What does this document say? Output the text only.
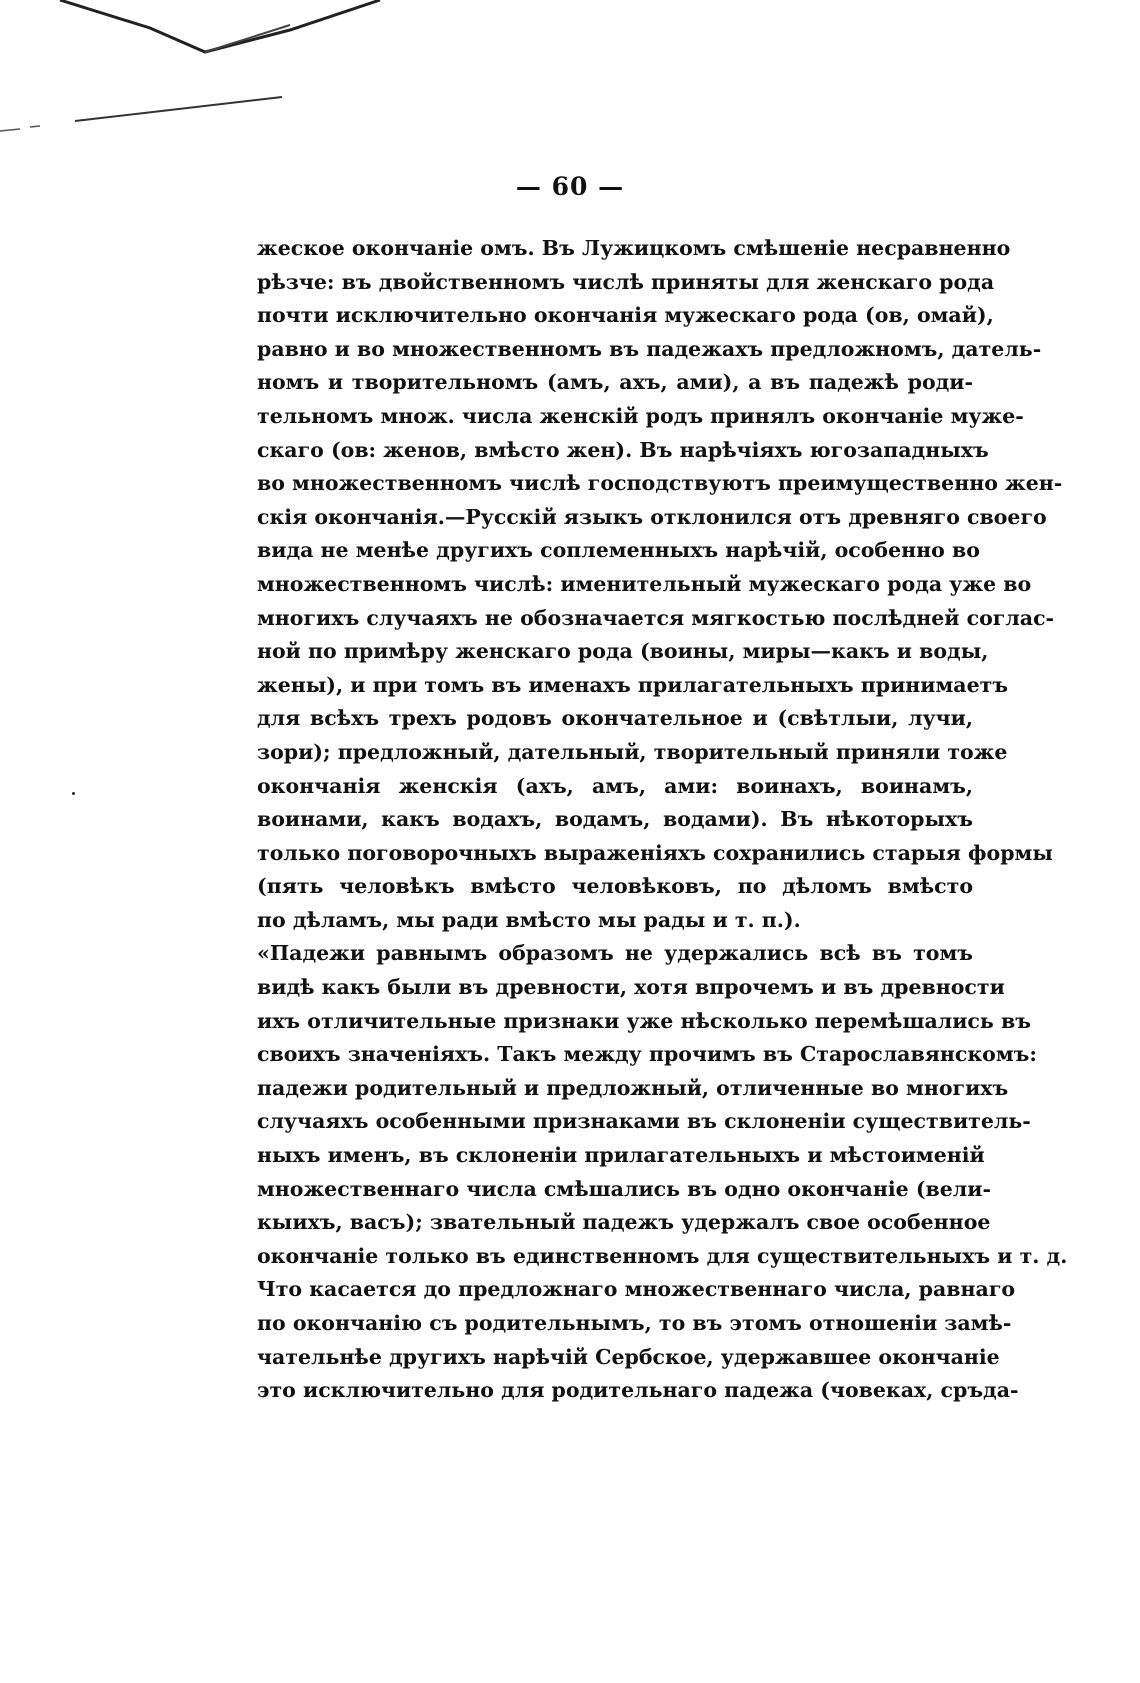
— 60 —
жеское окончаніе омъ. Въ Лужицкомъ смѣшеніе несравненно
рѣзче: въ двойственномъ числѣ приняты для женскаго рода
почти исключительно окончанія мужескаго рода (ов, омай),
равно и во множественномъ въ падежахъ предложномъ, датель-
номъ и творительномъ (амъ, ахъ, ами), а въ падежѣ роди-
тельномъ множ. числа женскій родъ принялъ окончаніе муже-
скаго (ов: женов, вмѣсто жен). Въ нарѣчіяхъ югозападныхъ
во множественномъ числѣ господствуютъ преимущественно жен-
скія окончанія.—Русскій языкъ отклонился отъ древняго своего
вида не менѣе другихъ соплеменныхъ нарѣчій, особенно во
множественномъ числѣ: именительный мужескаго рода уже во
многихъ случаяхъ не обозначается мягкостью послѣдней соглас-
ной по примѣру женскаго рода (воины, миры—какъ и воды,
жены), и при томъ въ именахъ прилагательныхъ принимаетъ
для всѣхъ трехъ родовъ окончательное и (свѣтлыи, лучи,
зори); предложный, дательный, творительный приняли тоже
окончанія женскія (ахъ, амъ, ами: воинахъ, воинамъ,
воинами, какъ водахъ, водамъ, водами). Въ нѣкоторыхъ
только поговорочныхъ выраженіяхъ сохранились старыя формы
(пять человѣкъ вмѣсто человѣковъ, по дѣломъ вмѣсто
по дѣламъ, мы ради вмѣсто мы рады и т. п.).
«Падежи равнымъ образомъ не удержались всѣ въ томъ
видѣ какъ были въ древности, хотя впрочемъ и въ древности
ихъ отличительные признаки уже нѣсколько перемѣшались въ
своихъ значеніяхъ. Такъ между прочимъ въ Старославянскомъ:
падежи родительный и предложный, отличенные во многихъ
случаяхъ особенными признаками въ склоненіи существитель-
ныхъ именъ, въ склоненіи прилагательныхъ и мѣстоименій
множественнаго числа смѣшались въ одно окончаніе (вели-
кыихъ, васъ); звательный падежъ удержалъ свое особенное
окончаніе только въ единственномъ для существительныхъ и т. д.
Что касается до предложнаго множественнаго числа, равнаго
по окончанію съ родительнымъ, то въ этомъ отношеніи замѣ-
чательнѣе другихъ нарѣчій Сербское, удержавшее окончаніе
это исключительно для родительнаго падежа (човеках, сръда-
